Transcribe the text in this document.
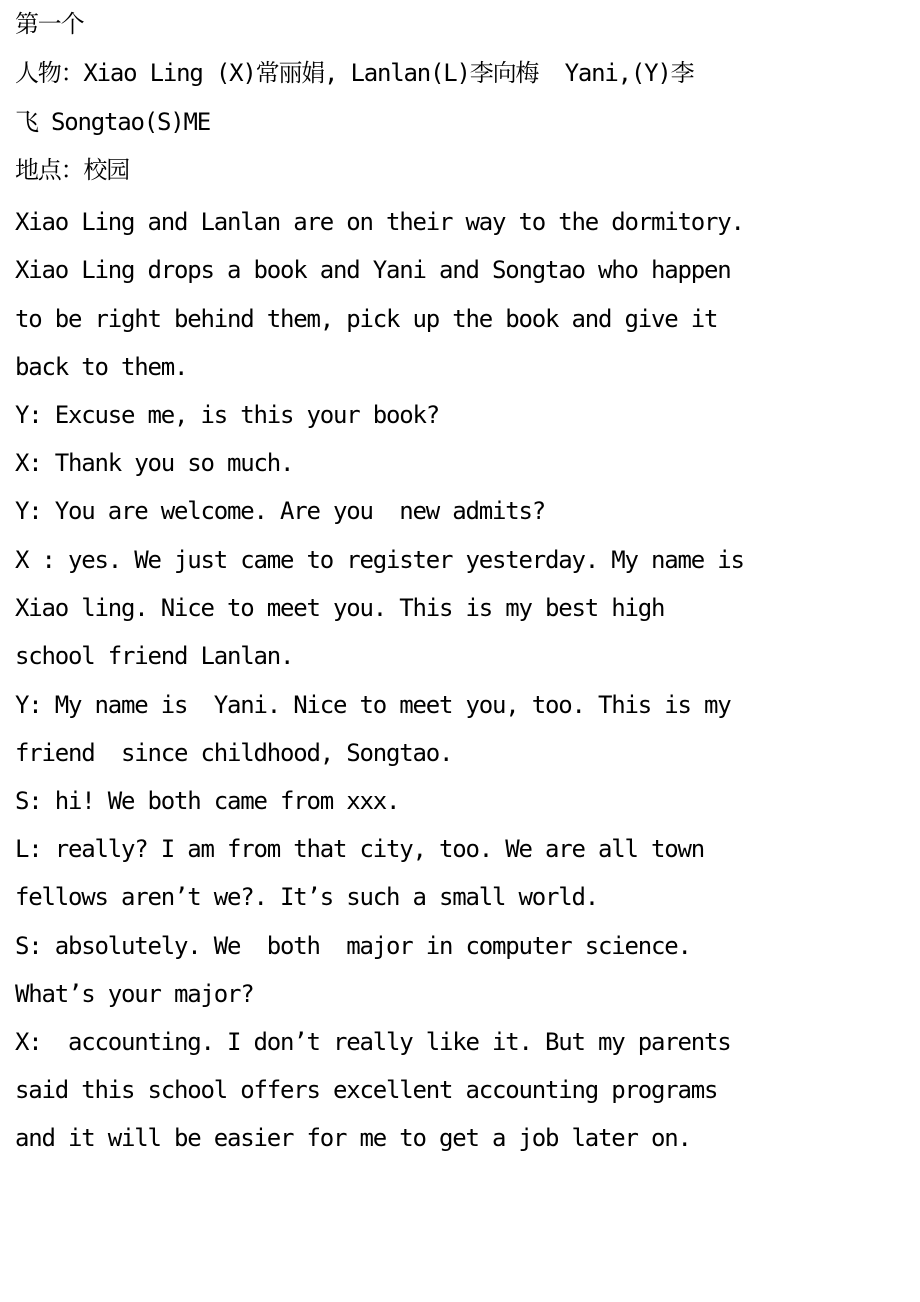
第一个
人物：Xiao Ling (X)常丽娟, Lanlan(L)李向梅  Yani,(Y)李
飞 Songtao(S)ME
地点：校园
Xiao Ling and Lanlan are on their way to the dormitory.
Xiao Ling drops a book and Yani and Songtao who happen
to be right behind them, pick up the book and give it
back to them.
Y: Excuse me, is this your book?
X: Thank you so much.
Y: You are welcome. Are you  new admits?
X : yes. We just came to register yesterday. My name is
Xiao ling. Nice to meet you. This is my best high
school friend Lanlan.
Y: My name is  Yani. Nice to meet you, too. This is my
friend  since childhood, Songtao.
S: hi! We both came from xxx.
L: really? I am from that city, too. We are all town
fellows aren’t we?. It’s such a small world.
S: absolutely. We  both  major in computer science.
What’s your major?
X:  accounting. I don’t really like it. But my parents
said this school offers excellent accounting programs
and it will be easier for me to get a job later on.
